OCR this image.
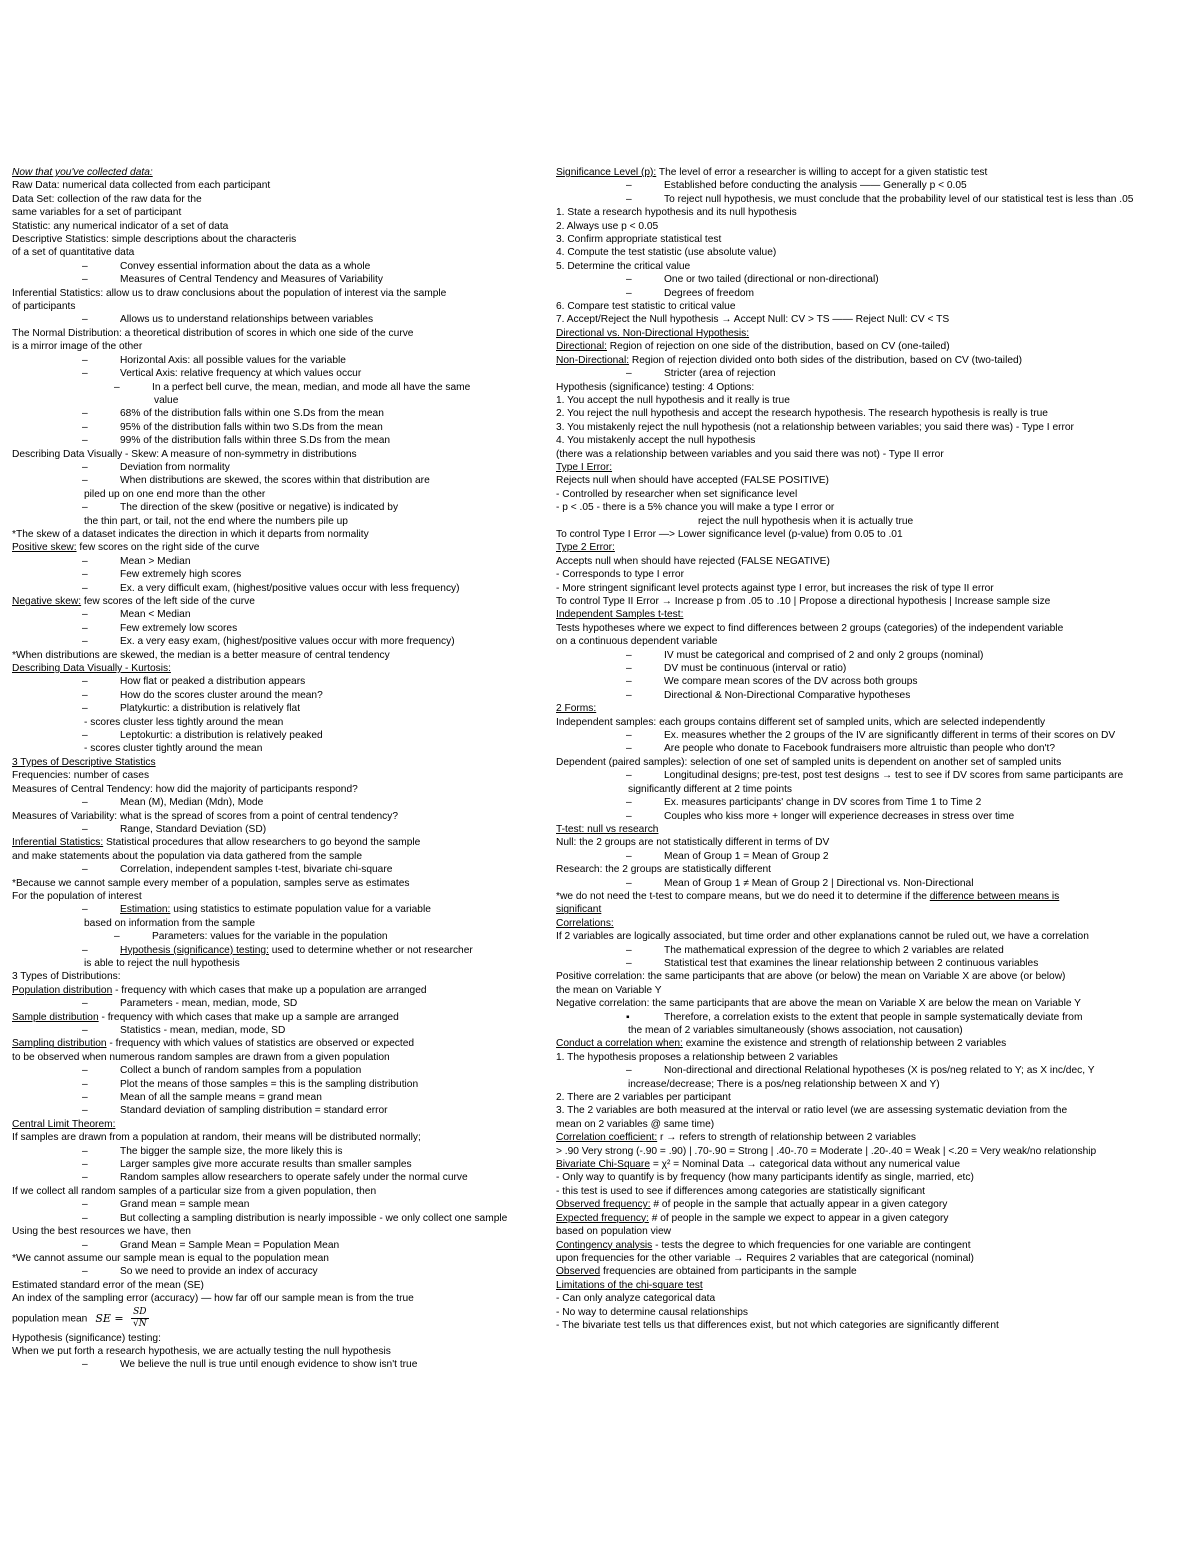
Now that you've collected data:
Raw Data: numerical data collected from each participant
Data Set: collection of the raw data for the
same variables for a set of participant
Statistic: any numerical indicator of a set of data
Descriptive Statistics: simple descriptions about the characteris
of a set of quantitative data
–	Convey essential information about the data as a whole
–	Measures of Central Tendency and Measures of Variability
Inferential Statistics: allow us to draw conclusions about the population of interest via the sample
of participants
–	Allows us to understand relationships between variables
The Normal Distribution: a theoretical distribution of scores in which one side of the curve
is a mirror image of the other
–	Horizontal Axis: all possible values for the variable
–	Vertical Axis: relative frequency at which values occur
–	In a perfect bell curve, the mean, median, and mode all have the same
value
–	68% of the distribution falls within one S.Ds from the mean
–	95% of the distribution falls within two S.Ds from the mean
–	99% of the distribution falls within three S.Ds from the mean
Describing Data Visually - Skew: A measure of non-symmetry in distributions
–	Deviation from normality
–	When distributions are skewed, the scores within that distribution are
piled up on one end more than the other
–	The direction of the skew (positive or negative) is indicated by
the thin part, or tail, not the end where the numbers pile up
*The skew of a dataset indicates the direction in which it departs from normality
Positive skew: few scores on the right side of the curve
–	Mean > Median
–	Few extremely high scores
–	Ex. a very difficult exam, (highest/positive values occur with less frequency)
Negative skew: few scores of the left side of the curve
–	Mean < Median
–	Few extremely low scores
–	Ex. a very easy exam, (highest/positive values occur with more frequency)
*When distributions are skewed, the median is a better measure of central tendency
Describing Data Visually - Kurtosis:
–	How flat or peaked a distribution appears
–	How do the scores cluster around the mean?
–	Platykurtic: a distribution is relatively flat
- scores cluster less tightly around the mean
–	Leptokurtic: a distribution is relatively peaked
- scores cluster tightly around the mean
3 Types of Descriptive Statistics
Frequencies: number of cases
Measures of Central Tendency: how did the majority of participants respond?
–	Mean (M), Median (Mdn), Mode
Measures of Variability: what is the spread of scores from a point of central tendency?
–	Range, Standard Deviation (SD)
Inferential Statistics: Statistical procedures that allow researchers to go beyond the sample
and make statements about the population via data gathered from the sample
–	Correlation, independent samples t-test, bivariate chi-square
*Because we cannot sample every member of a population, samples serve as estimates
For the population of interest
–	Estimation: using statistics to estimate population value for a variable
based on information from the sample
–	Parameters: values for the variable in the population
–	Hypothesis (significance) testing: used to determine whether or not researcher
is able to reject the null hypothesis
3 Types of Distributions:
Population distribution - frequency with which cases that make up a population are arranged
–	Parameters - mean, median, mode, SD
Sample distribution - frequency with which cases that make up a sample are arranged
–	Statistics - mean, median, mode, SD
Sampling distribution - frequency with which values of statistics are observed or expected
to be observed when numerous random samples are drawn from a given population
–	Collect a bunch of random samples from a population
–	Plot the means of those samples = this is the sampling distribution
–	Mean of all the sample means = grand mean
–	Standard deviation of sampling distribution = standard error
Central Limit Theorem:
If samples are drawn from a population at random, their means will be distributed normally;
–	The bigger the sample size, the more likely this is
–	Larger samples give more accurate results than smaller samples
–	Random samples allow researchers to operate safely under the normal curve
If we collect all random samples of a particular size from a given population, then
–	Grand mean = sample mean
–	But collecting a sampling distribution is nearly impossible - we only collect one sample
Using the best resources we have, then
–	Grand Mean = Sample Mean = Population Mean
*We cannot assume our sample mean is equal to the population mean
–	So we need to provide an index of accuracy
Estimated standard error of the mean (SE)
An index of the sampling error (accuracy) — how far off our sample mean is from the true
population mean SE = $\frac{SD}{√N}$
Hypothesis (significance) testing:
When we put forth a research hypothesis, we are actually testing the null hypothesis
–	We believe the null is true until enough evidence to show isn't true
Significance Level (p): The level of error a researcher is willing to accept for a given statistic test
–	Established before conducting the analysis —— Generally p < 0.05
–	To reject null hypothesis, we must conclude that the probability level of our statistical test is less than .05
1. State a research hypothesis and its null hypothesis
2. Always use p < 0.05
3. Confirm appropriate statistical test
4. Compute the test statistic (use absolute value)
5. Determine the critical value
–	One or two tailed (directional or non-directional)
–	Degrees of freedom
6. Compare test statistic to critical value
7. Accept/Reject the Null hypothesis → Accept Null: CV > TS —— Reject Null: CV < TS
Directional vs. Non-Directional Hypothesis:
Directional: Region of rejection on one side of the distribution, based on CV (one-tailed)
Non-Directional: Region of rejection divided onto both sides of the distribution, based on CV (two-tailed)
–	Stricter (area of rejection
Hypothesis (significance) testing: 4 Options:
1. You accept the null hypothesis and it really is true
2. You reject the null hypothesis and accept the research hypothesis. The research hypothesis is really is true
3. You mistakenly reject the null hypothesis (not a relationship between variables; you said there was) - Type I error
4. You mistakenly accept the null hypothesis
(there was a relationship between variables and you said there was not) - Type II error
Type I Error:
Rejects null when should have accepted (FALSE POSITIVE)
- Controlled by researcher when set significance level
- p < .05 - there is a 5% chance you will make a type I error or
reject the null hypothesis when it is actually true
To control Type I Error —> Lower significance level (p-value) from 0.05 to .01
Type 2 Error:
Accepts null when should have rejected (FALSE NEGATIVE)
- Corresponds to type I error
- More stringent significant level protects against type I error, but increases the risk of type II error
To control Type II Error → Increase p from .05 to .10 | Propose a directional hypothesis | Increase sample size
Independent Samples t-test:
Tests hypotheses where we expect to find differences between 2 groups (categories) of the independent variable
on a continuous dependent variable
–	IV must be categorical and comprised of 2 and only 2 groups (nominal)
–	DV must be continuous (interval or ratio)
–	We compare mean scores of the DV across both groups
–	Directional & Non-Directional Comparative hypotheses
2 Forms:
Independent samples: each groups contains different set of sampled units, which are selected independently
–	Ex. measures whether the 2 groups of the IV are significantly different in terms of their scores on DV
–	Are people who donate to Facebook fundraisers more altruistic than people who don't?
Dependent (paired samples): selection of one set of sampled units is dependent on another set of sampled units
–	Longitudinal designs; pre-test, post test designs → test to see if DV scores from same participants are
significantly different at 2 time points
–	Ex. measures participants' change in DV scores from Time 1 to Time 2
–	Couples who kiss more + longer will experience decreases in stress over time
T-test: null vs research
Null: the 2 groups are not statistically different in terms of DV
–	Mean of Group 1 = Mean of Group 2
Research: the 2 groups are statistically different
–	Mean of Group 1 ≠ Mean of Group 2 | Directional vs. Non-Directional
*we do not need the t-test to compare means, but we do need it to determine if the difference between means is
significant
Correlations:
If 2 variables are logically associated, but time order and other explanations cannot be ruled out, we have a correlation
–	The mathematical expression of the degree to which 2 variables are related
–	Statistical test that examines the linear relationship between 2 continuous variables
Positive correlation: the same participants that are above (or below) the mean on Variable X are above (or below)
the mean on Variable Y
Negative correlation: the same participants that are above the mean on Variable X are below the mean on Variable Y
▪	Therefore, a correlation exists to the extent that people in sample systematically deviate from
the mean of 2 variables simultaneously (shows association, not causation)
Conduct a correlation when: examine the existence and strength of relationship between 2 variables
1. The hypothesis proposes a relationship between 2 variables
–	Non-directional and directional Relational hypotheses (X is pos/neg related to Y; as X inc/dec, Y
increase/decrease; There is a pos/neg relationship between X and Y)
2. There are 2 variables per participant
3. The 2 variables are both measured at the interval or ratio level (we are assessing systematic deviation from the
mean on 2 variables @ same time)
Correlation coefficient: r → refers to strength of relationship between 2 variables
> .90 Very strong (-.90 = .90) | .70-.90 = Strong | .40-.70 = Moderate | .20-.40 = Weak | <.20 = Very weak/no relationship
Bivariate Chi-Square = χ² = Nominal Data → categorical data without any numerical value
- Only way to quantify is by frequency (how many participants identify as single, married, etc)
- this test is used to see if differences among categories are statistically significant
Observed frequency: # of people in the sample that actually appear in a given category
Expected frequency: # of people in the sample we expect to appear in a given category
based on population view
Contingency analysis - tests the degree to which frequencies for one variable are contingent
upon frequencies for the other variable → Requires 2 variables that are categorical (nominal)
Observed frequencies are obtained from participants in the sample
Limitations of the chi-square test
- Can only analyze categorical data
- No way to determine causal relationships
- The bivariate test tells us that differences exist, but not which categories are significantly different
